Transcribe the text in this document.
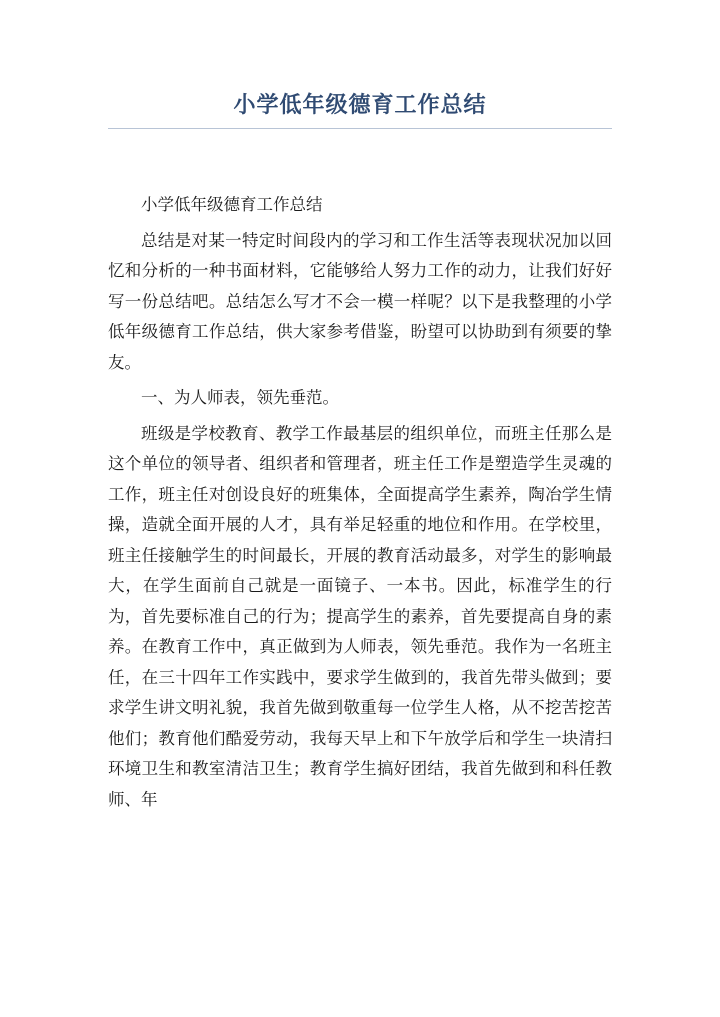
小学低年级德育工作总结

小学低年级德育工作总结

总结是对某一特定时间段内的学习和工作生活等表现状况加以回忆和分析的一种书面材料，它能够给人努力工作的动力，让我们好好写一份总结吧。总结怎么写才不会一模一样呢？以下是我整理的小学低年级德育工作总结，供大家参考借鉴，盼望可以协助到有须要的挚友。

一、为人师表，领先垂范。

班级是学校教育、教学工作最基层的组织单位，而班主任那么是这个单位的领导者、组织者和管理者，班主任工作是塑造学生灵魂的工作，班主任对创设良好的班集体，全面提高学生素养，陶冶学生情操，造就全面开展的人才，具有举足轻重的地位和作用。在学校里，班主任接触学生的时间最长，开展的教育活动最多，对学生的影响最大，在学生面前自己就是一面镜子、一本书。因此，标准学生的行为，首先要标准自己的行为；提高学生的素养，首先要提高自身的素养。在教育工作中，真正做到为人师表，领先垂范。我作为一名班主任，在三十四年工作实践中，要求学生做到的，我首先带头做到；要求学生讲文明礼貌，我首先做到敬重每一位学生人格，从不挖苦挖苦他们；教育他们酷爱劳动，我每天早上和下午放学后和学生一块清扫环境卫生和教室清洁卫生；教育学生搞好团结，我首先做到和科任教师、年
